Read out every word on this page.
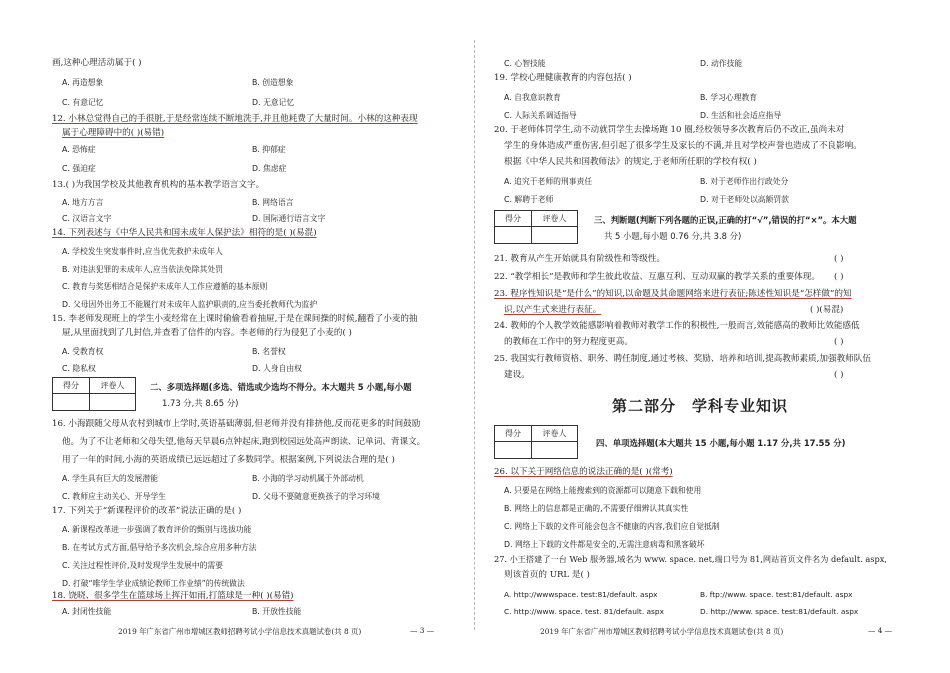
画,这种心理活动属于( )
A. 再造想象	B. 创造想象
C. 有意记忆	D. 无意记忆
12. 小林总觉得自己的手很脏,于是经常连续不断地洗手,并且他耗费了大量时间。小林的这种表现
属于心理障碍中的( )(易错)
A. 恐怖症	B. 抑郁症
C. 强迫症	D. 焦虑症
13.( )为我国学校及其他教育机构的基本教学语言文字。
A. 地方方言	B. 网络语言
C. 汉语言文字	D. 国际通行语言文字
14. 下列表述与《中华人民共和国未成年人保护法》相符的是( )(易混)
A. 学校发生突发事件时,应当优先救护未成年人
B. 对违法犯罪的未成年人,应当依法免除其处罚
C. 教育与奖惩相结合是保护未成年人工作应遵循的基本原则
D. 父母因外出务工不能履行对未成年人监护职责的,应当委托教师代为监护
15. 李老师发现班上的学生小麦经常在上课时偷偷看着抽屉,于是在课间操的时候,翻看了小麦的抽
屉,从里面找到了几封信,并查看了信件的内容。李老师的行为侵犯了小麦的( )
A. 受教育权	B. 名誉权
C. 隐私权	D. 人身自由权
得分	评卷人	二、多项选择题(多选、错选或少选均不得分。本大题共 5 小题,每小题
1.73 分,共 8.65 分)
16. 小海跟随父母从农村到城市上学时,英语基础薄弱,但老师并没有排挤他,反而花更多的时间鼓励
他。为了不让老师和父母失望,他每天早晨6点钟起床,跑到校园远处高声朗读、记单词、背课文。
用了一年的时间,小海的英语成绩已远远超过了多数同学。根据案例,下列说法合理的是( )
A. 学生具有巨大的发展潜能	B. 小海的学习动机属于外部动机
C. 教师应主动关心、开导学生	D. 父母不要随意更换孩子的学习环境
17. 下列关于“新课程评价的改革”说法正确的是( )
A. 新课程改革进一步强调了教育评价的甄别与选拔功能
B. 在考试方式方面,倡导给予多次机会,综合应用多种方法
C. 关注过程性评价,及时发现学生发展中的需要
D. 打破“唯学生学业成绩论教师工作业绩”的传统做法
18. 饶晓、很多学生在篮球场上挥汗如雨,打篮球是一种( )(易错)
A. 封闭性技能	B. 开放性技能
2019 年广东省广州市增城区教师招聘考试小学信息技术真题试卷(共 8 页)	— 3 —
C. 心智技能	D. 动作技能
19. 学校心理健康教育的内容包括( )
A. 自我意识教育	B. 学习心理教育
C. 人际关系调适指导	D. 生活和社会适应指导
20. 于老师体罚学生,动不动就罚学生去操场跑 10 圈,经校领导多次教育后仍不改正,虽尚未对
学生的身体造成严重伤害,但引起了很多学生及家长的不满,并且对学校声誉也造成了不良影响。
根据《中华人民共和国教师法》的规定,于老师所任职的学校有权( )
A. 追究于老师的刑事责任	B. 对于老师作出行政处分
C. 解聘于老师	D. 对于老师处以高额罚款
得分	评卷人	三、判断题(判断下列各题的正误,正确的打“√”,错误的打“×”。本大题
共 5 小题,每小题 0.76 分,共 3.8 分)
21. 教育从产生开始就具有阶级性和等级性。	( )
22. “教学相长”是教师和学生彼此收益、互惠互利、互动双赢的教学关系的重要体现。 ( )
23. 程序性知识是“是什么”的知识,以命题及其命题网络来进行表征;陈述性知识是“怎样做”的知
识,以产生式来进行表征。	( )(易混)
24. 教师的个人教学效能感影响着教师对教学工作的积极性,一般而言,效能感高的教师比效能感低
的教师在工作中的努力程度更高。	( )
25. 我国实行教师资格、职务、聘任制度,通过考核、奖励、培养和培训,提高教师素质,加强教师队伍
建设。	( )
第二部分　学科专业知识
得分	评卷人
四、单项选择题(本大题共 15 小题,每小题 1.17 分,共 17.55 分)
26. 以下关于网络信息的说法正确的是( )(常考)
A. 只要是在网络上能搜索到的资源都可以随意下载和使用
B. 网络上的信息都是正确的,不需要仔细辨认其真实性
C. 网络上下载的文件可能会包含不健康的内容,我们应自觉抵制
D. 网络上下载的文件都是安全的,无需注意病毒和黑客破坏
27. 小王搭建了一台 Web 服务器,域名为 www. space. net,端口号为 81,网站首页文件名为 default. aspx,
则该首页的 URL 是( )
A. http://wwwspace. test:81/default. aspx	B. ftp://www. space. test:81/default. aspx
C. http://www. space. test. 81/default. aspx	D. http://www. space. test:81/default. aspx
2019 年广东省广州市增城区教师招聘考试小学信息技术真题试卷(共 8 页)	— 4 —
